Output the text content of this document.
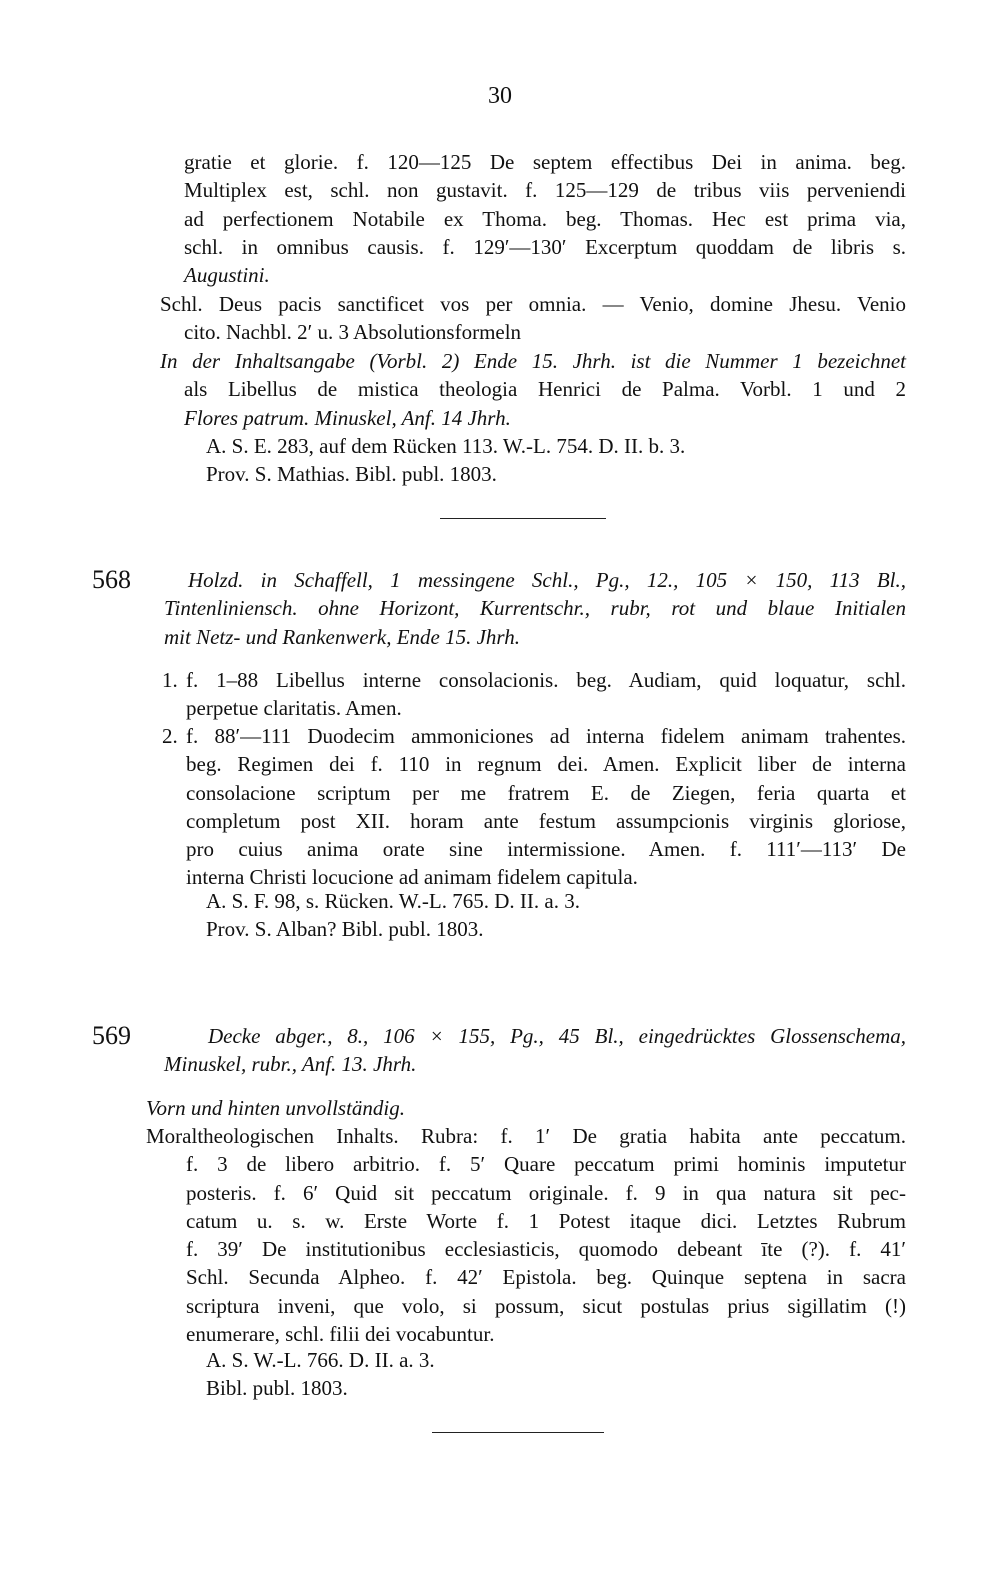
30

gratie et glorie. f. 120—125 De septem effectibus Dei in anima. beg.

Multiplex est, schl. non gustavit. f. 125—129 de tribus viis perveniendi

ad perfectionem Notabile ex Thoma. beg. Thomas. Hec est prima via,

schl. in omnibus causis. f. 129′—130′ Excerptum quoddam de libris s.

Augustini.

Schl. Deus pacis sanctificet vos per omnia. — Venio, domine Jhesu. Venio

cito. Nachbl. 2′ u. 3 Absolutionsformeln

In der Inhaltsangabe (Vorbl. 2) Ende 15. Jhrh. ist die Nummer 1 bezeichnet

als Libellus de mistica theologia Henrici de Palma. Vorbl. 1 und 2

Flores patrum. Minuskel, Anf. 14 Jhrh.

A. S. E. 283, auf dem Rücken 113. W.-L. 754. D. II. b. 3.

Prov. S. Mathias. Bibl. publ. 1803.

568	Holzd. in Schaffell, 1 messingene Schl., Pg., 12., 105 × 150, 113 Bl.,

Tintenliniensch. ohne Horizont, Kurrentschr., rubr, rot und blaue Initialen

mit Netz- und Rankenwerk, Ende 15. Jhrh.

1. f. 1–88 Libellus interne consolacionis. beg. Audiam, quid loquatur, schl.

perpetue claritatis. Amen.

2. f. 88′—111 Duodecim ammoniciones ad interna fidelem animam trahentes.

beg. Regimen dei f. 110 in regnum dei. Amen. Explicit liber de interna

consolacione scriptum per me fratrem E. de Ziegen, feria quarta et

completum post XII. horam ante festum assumpcionis virginis gloriose,

pro cuius anima orate sine intermissione. Amen. f. 111′—113′ De

interna Christi locucione ad animam fidelem capitula.

A. S. F. 98, s. Rücken. W.-L. 765. D. II. a. 3.

Prov. S. Alban? Bibl. publ. 1803.

569	Decke abger., 8., 106 × 155, Pg., 45 Bl., eingedrücktes Glossenschema,

Minuskel, rubr., Anf. 13. Jhrh.

Vorn und hinten unvollständig.

Moraltheologischen Inhalts. Rubra: f. 1′ De gratia habita ante peccatum.

f. 3 de libero arbitrio. f. 5′ Quare peccatum primi hominis imputetur

posteris. f. 6′ Quid sit peccatum originale. f. 9 in qua natura sit pec-

catum u. s. w. Erste Worte f. 1 Potest itaque dici. Letztes Rubrum

f. 39′ De institutionibus ecclesiasticis, quomodo debeant īte (?). f. 41′

Schl. Secunda Alpheo. f. 42′ Epistola. beg. Quinque septena in sacra

scriptura inveni, que volo, si possum, sicut postulas prius sigillatim (!)

enumerare, schl. filii dei vocabuntur.

A. S. W.-L. 766. D. II. a. 3.

Bibl. publ. 1803.
